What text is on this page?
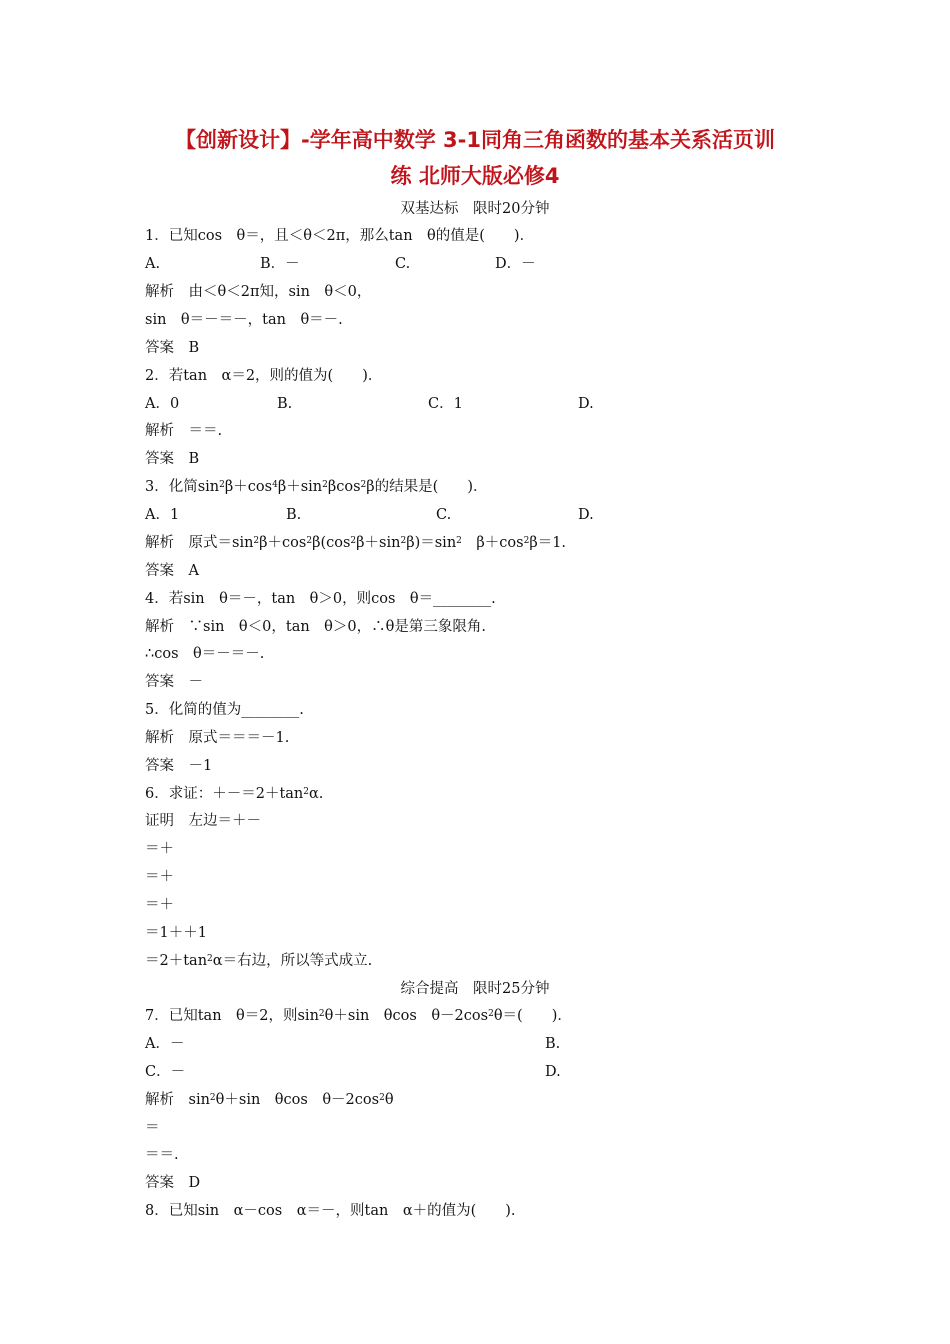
【创新设计】-学年高中数学 3-1同角三角函数的基本关系活页训
练 北师大版必修4
双基达标　限时20分钟
1．已知cos　θ＝，且＜θ＜2π，那么tan　θ的值是(　　)．
A.	B．－	C.	D．－
解析　由＜θ＜2π知，sin　θ＜0，
sin　θ＝－＝－，tan　θ＝－.
答案　B
2．若tan　α＝2，则的值为(　　)．
A．0	B.	C．1	D.
解析　＝＝.
答案　B
3．化简$\sin^2\beta+\cos^4\beta+\sin^2\beta\cos^2\beta$的结果是(　　)．
A．1	B.	C.	D.
解析　原式$=\sin^2\beta+\cos^2\beta(\cos^2\beta+\sin^2\beta)=\sin^2$　$\beta+\cos^2\beta=1$.
答案　A
4．若sin　θ＝－，tan　θ＞0，则cos　θ＝________.
解析　∵sin　θ＜0，tan　θ＞0，∴θ是第三象限角.
∴cos　θ＝－＝－.
答案　－
5．化简的值为________.
解析　原式＝＝＝－1.
答案　－1
6．求证：$+-=2+\tan^2\alpha$.
证明　左边＝＋－
＝＋
＝＋
＝＋
＝1＋＋1
$=2+\tan^2\alpha=$右边，所以等式成立.
综合提高　限时25分钟
7．已知tan　θ＝2，则$\sin^2\theta+\sin$　θcos　$\theta-2\cos^2\theta=$(　　)．
A．－	B.
C．－	D.
解析　$\sin^2\theta+\sin$　θcos　$\theta-2\cos^2\theta$
＝
＝＝.
答案　D
8．已知sin　α－cos　α＝－，则tan　α＋的值为(　　).
